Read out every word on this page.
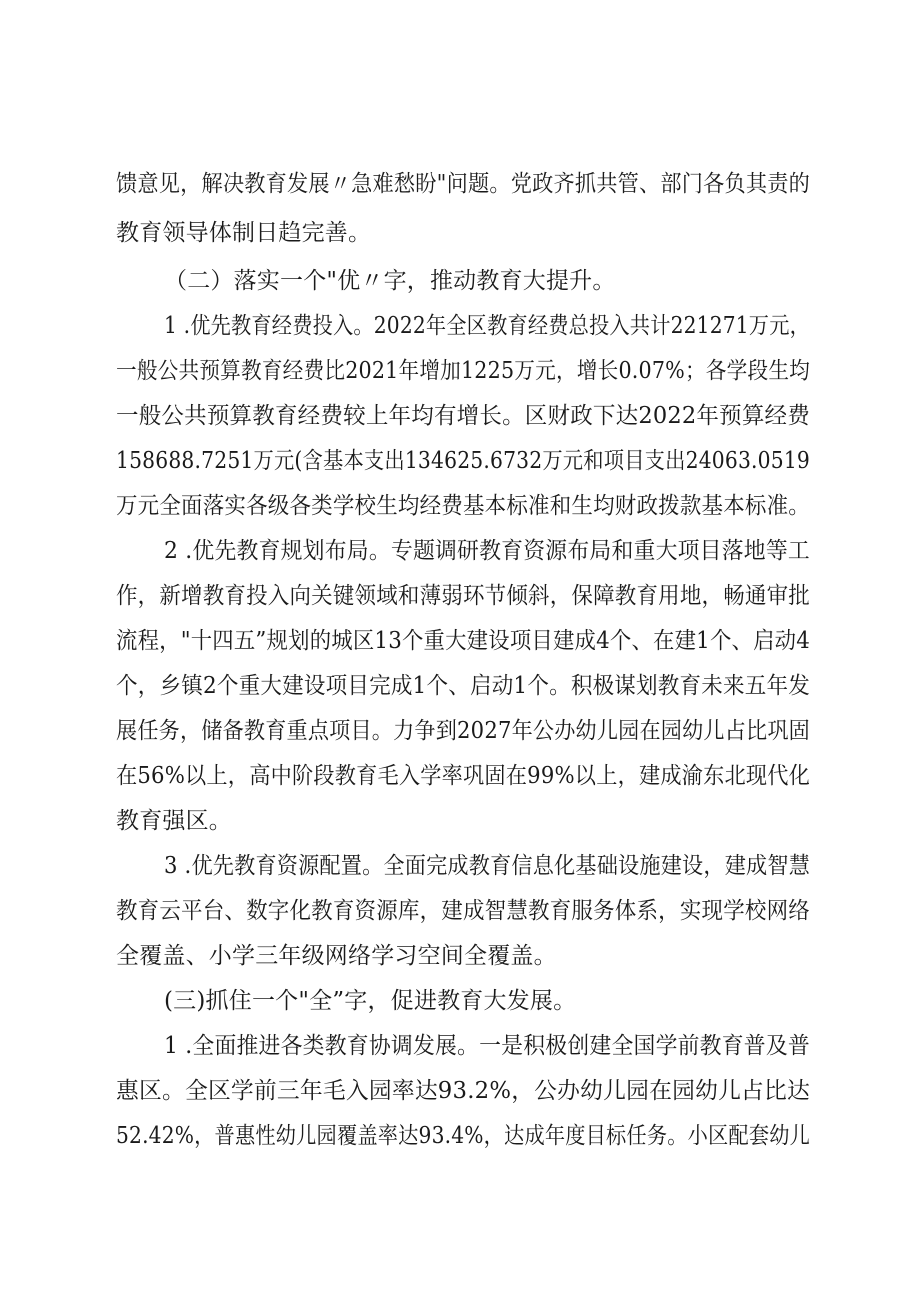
馈意见，解决教育发展〃急难愁盼"问题。党政齐抓共管、部门各负其责的
教育领导体制日趋完善。
（二）落实一个"优〃字，推动教育大提升。
1 .优先教育经费投入。2022年全区教育经费总投入共计221271万元，
一般公共预算教育经费比2021年增加1225万元，增长0.07%；各学段生均
一般公共预算教育经费较上年均有增长。区财政下达2022年预算经费
158688.7251万元(含基本支出134625.6732万元和项目支出24063.0519
万元全面落实各级各类学校生均经费基本标准和生均财政拨款基本标准。
2 .优先教育规划布局。专题调研教育资源布局和重大项目落地等工
作，新增教育投入向关键领域和薄弱环节倾斜，保障教育用地，畅通审批
流程，"十四五”规划的城区13个重大建设项目建成4个、在建1个、启动4
个，乡镇2个重大建设项目完成1个、启动1个。积极谋划教育未来五年发
展任务，储备教育重点项目。力争到2027年公办幼儿园在园幼儿占比巩固
在56%以上，高中阶段教育毛入学率巩固在99%以上，建成渝东北现代化
教育强区。
3 .优先教育资源配置。全面完成教育信息化基础设施建设，建成智慧
教育云平台、数字化教育资源库，建成智慧教育服务体系，实现学校网络
全覆盖、小学三年级网络学习空间全覆盖。
(三)抓住一个"全”字，促进教育大发展。
1 .全面推进各类教育协调发展。一是积极创建全国学前教育普及普
惠区。全区学前三年毛入园率达93.2%，公办幼儿园在园幼儿占比达
52.42%，普惠性幼儿园覆盖率达93.4%，达成年度目标任务。小区配套幼儿
